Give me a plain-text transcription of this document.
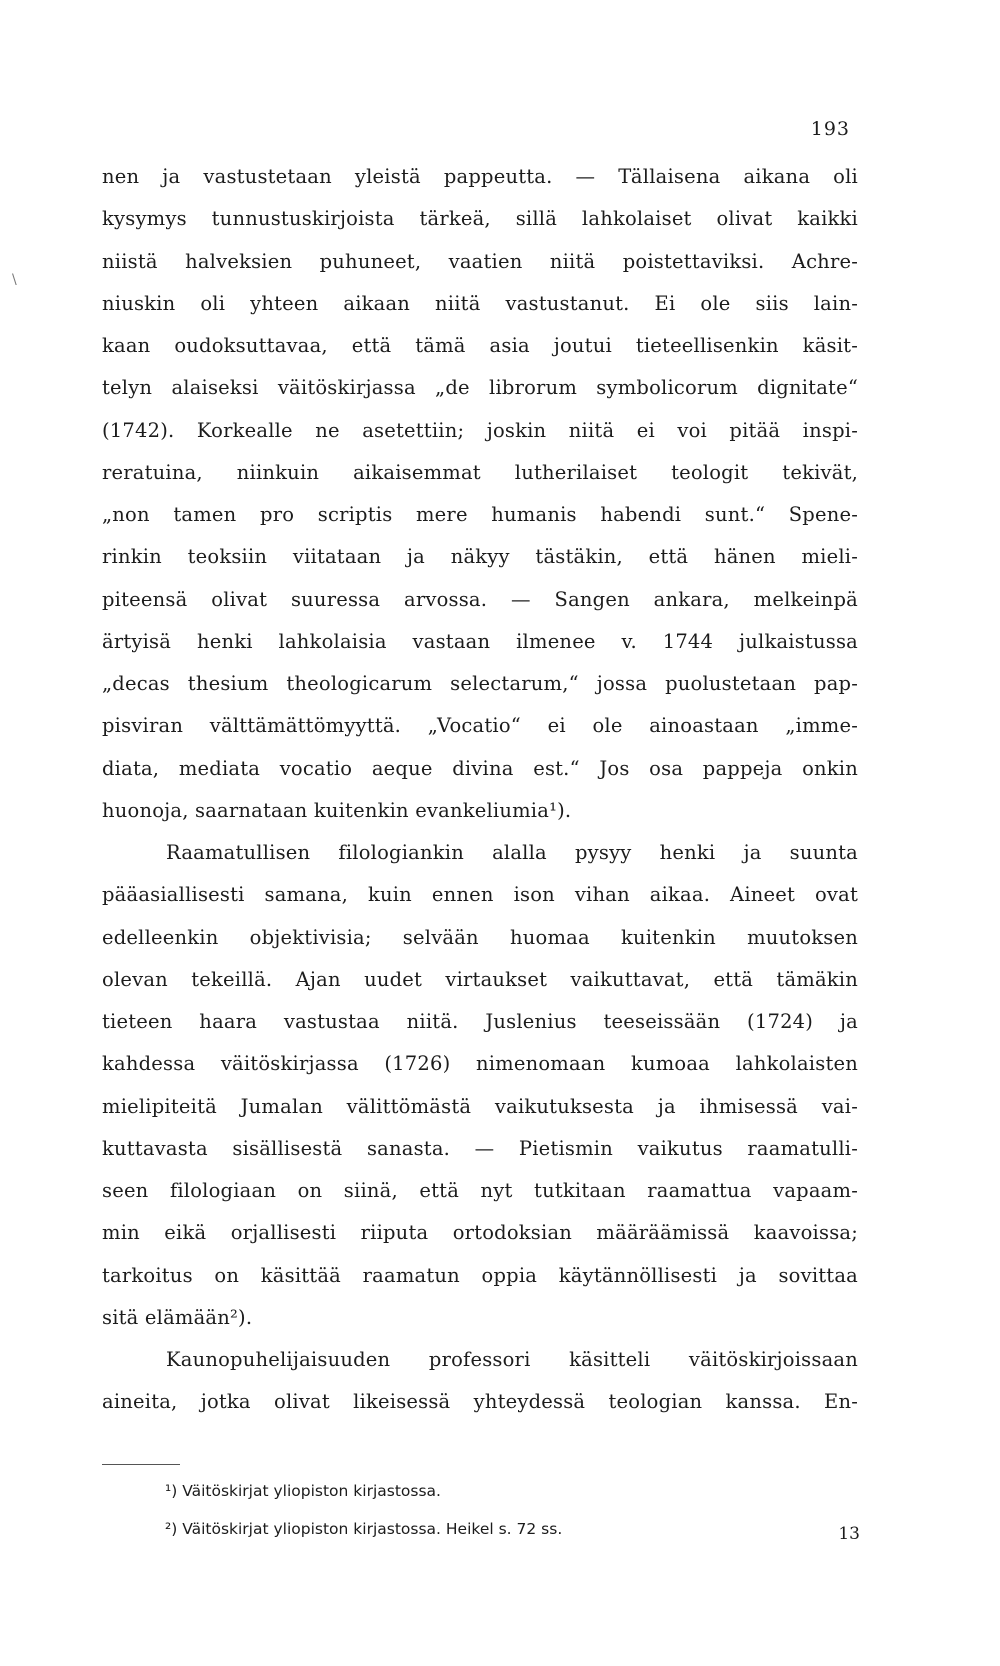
193
\
nen ja vastustetaan yleistä pappeutta. — Tällaisena aikana oli
kysymys tunnustuskirjoista tärkeä, sillä lahkolaiset olivat kaikki
niistä halveksien puhuneet, vaatien niitä poistettaviksi. Achre-
niuskin oli yhteen aikaan niitä vastustanut. Ei ole siis lain-
kaan oudoksuttavaa, että tämä asia joutui tieteellisenkin käsit-
telyn alaiseksi väitöskirjassa „de librorum symbolicorum dignitate“
(1742). Korkealle ne asetettiin; joskin niitä ei voi pitää inspi-
reratuina, niinkuin aikaisemmat lutherilaiset teologit tekivät,
„non tamen pro scriptis mere humanis habendi sunt.“ Spene-
rinkin teoksiin viitataan ja näkyy tästäkin, että hänen mieli-
piteensä olivat suuressa arvossa. — Sangen ankara, melkeinpä
ärtyisä henki lahkolaisia vastaan ilmenee v. 1744 julkaistussa
„decas thesium theologicarum selectarum,“ jossa puolustetaan pap-
pisviran välttämättömyyttä. „Vocatio“ ei ole ainoastaan „imme-
diata, mediata vocatio aeque divina est.“ Jos osa pappeja onkin
huonoja, saarnataan kuitenkin evankeliumia¹).
Raamatullisen filologiankin alalla pysyy henki ja suunta
pääasiallisesti samana, kuin ennen ison vihan aikaa. Aineet ovat
edelleenkin objektivisia; selvään huomaa kuitenkin muutoksen
olevan tekeillä. Ajan uudet virtaukset vaikuttavat, että tämäkin
tieteen haara vastustaa niitä. Juslenius teeseissään (1724) ja
kahdessa väitöskirjassa (1726) nimenomaan kumoaa lahkolaisten
mielipiteitä Jumalan välittömästä vaikutuksesta ja ihmisessä vai-
kuttavasta sisällisestä sanasta. — Pietismin vaikutus raamatulli-
seen filologiaan on siinä, että nyt tutkitaan raamattua vapaam-
min eikä orjallisesti riiputa ortodoksian määräämissä kaavoissa;
tarkoitus on käsittää raamatun oppia käytännöllisesti ja sovittaa
sitä elämään²).
Kaunopuhelijaisuuden professori käsitteli väitöskirjoissaan
aineita, jotka olivat likeisessä yhteydessä teologian kanssa. En-
¹) Väitöskirjat yliopiston kirjastossa.
²) Väitöskirjat yliopiston kirjastossa. Heikel s. 72 ss.	13
